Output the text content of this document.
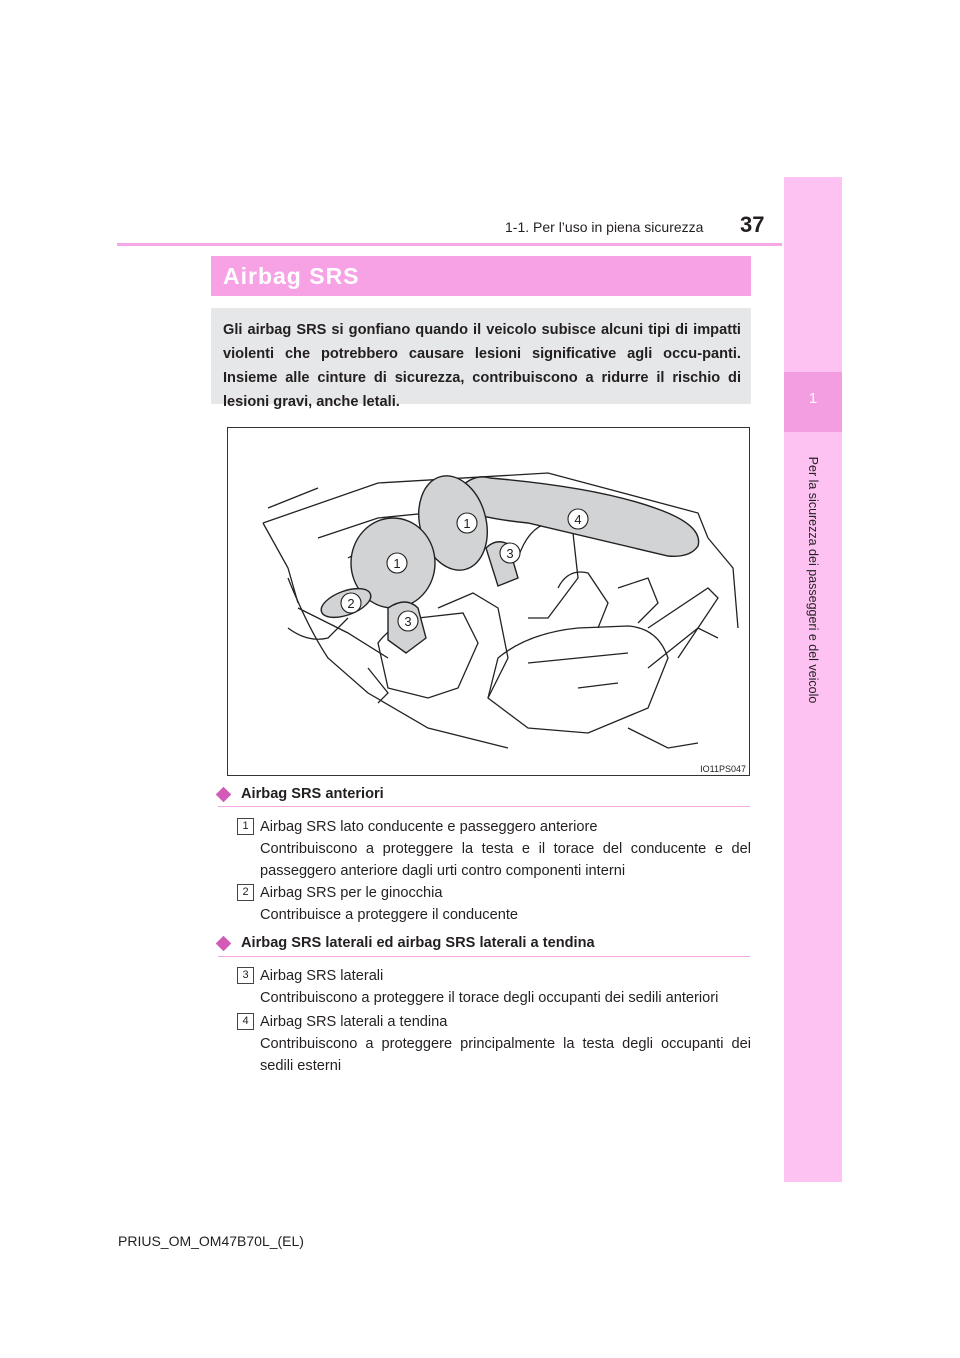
1-1. Per l’uso in piena sicurezza 37
1
Per la sicurezza dei passeggeri e del veicolo
Airbag SRS
Gli airbag SRS si gonfiano quando il veicolo subisce alcuni tipi di impatti violenti che potrebbero causare lesioni significative agli occu-panti. Insieme alle cinture di sicurezza, contribuiscono a ridurre il rischio di lesioni gravi, anche letali.
1
1
2
3
3
4
IO11PS047
Airbag SRS anteriori
1 Airbag SRS lato conducente e passeggero anteriore
Contribuiscono a proteggere la testa e il torace del conducente e del passeggero anteriore dagli urti contro componenti interni
2 Airbag SRS per le ginocchia
Contribuisce a proteggere il conducente
Airbag SRS laterali ed airbag SRS laterali a tendina
3 Airbag SRS laterali
Contribuiscono a proteggere il torace degli occupanti dei sedili anteriori
4 Airbag SRS laterali a tendina
Contribuiscono a proteggere principalmente la testa degli occupanti dei sedili esterni
PRIUS_OM_OM47B70L_(EL)
